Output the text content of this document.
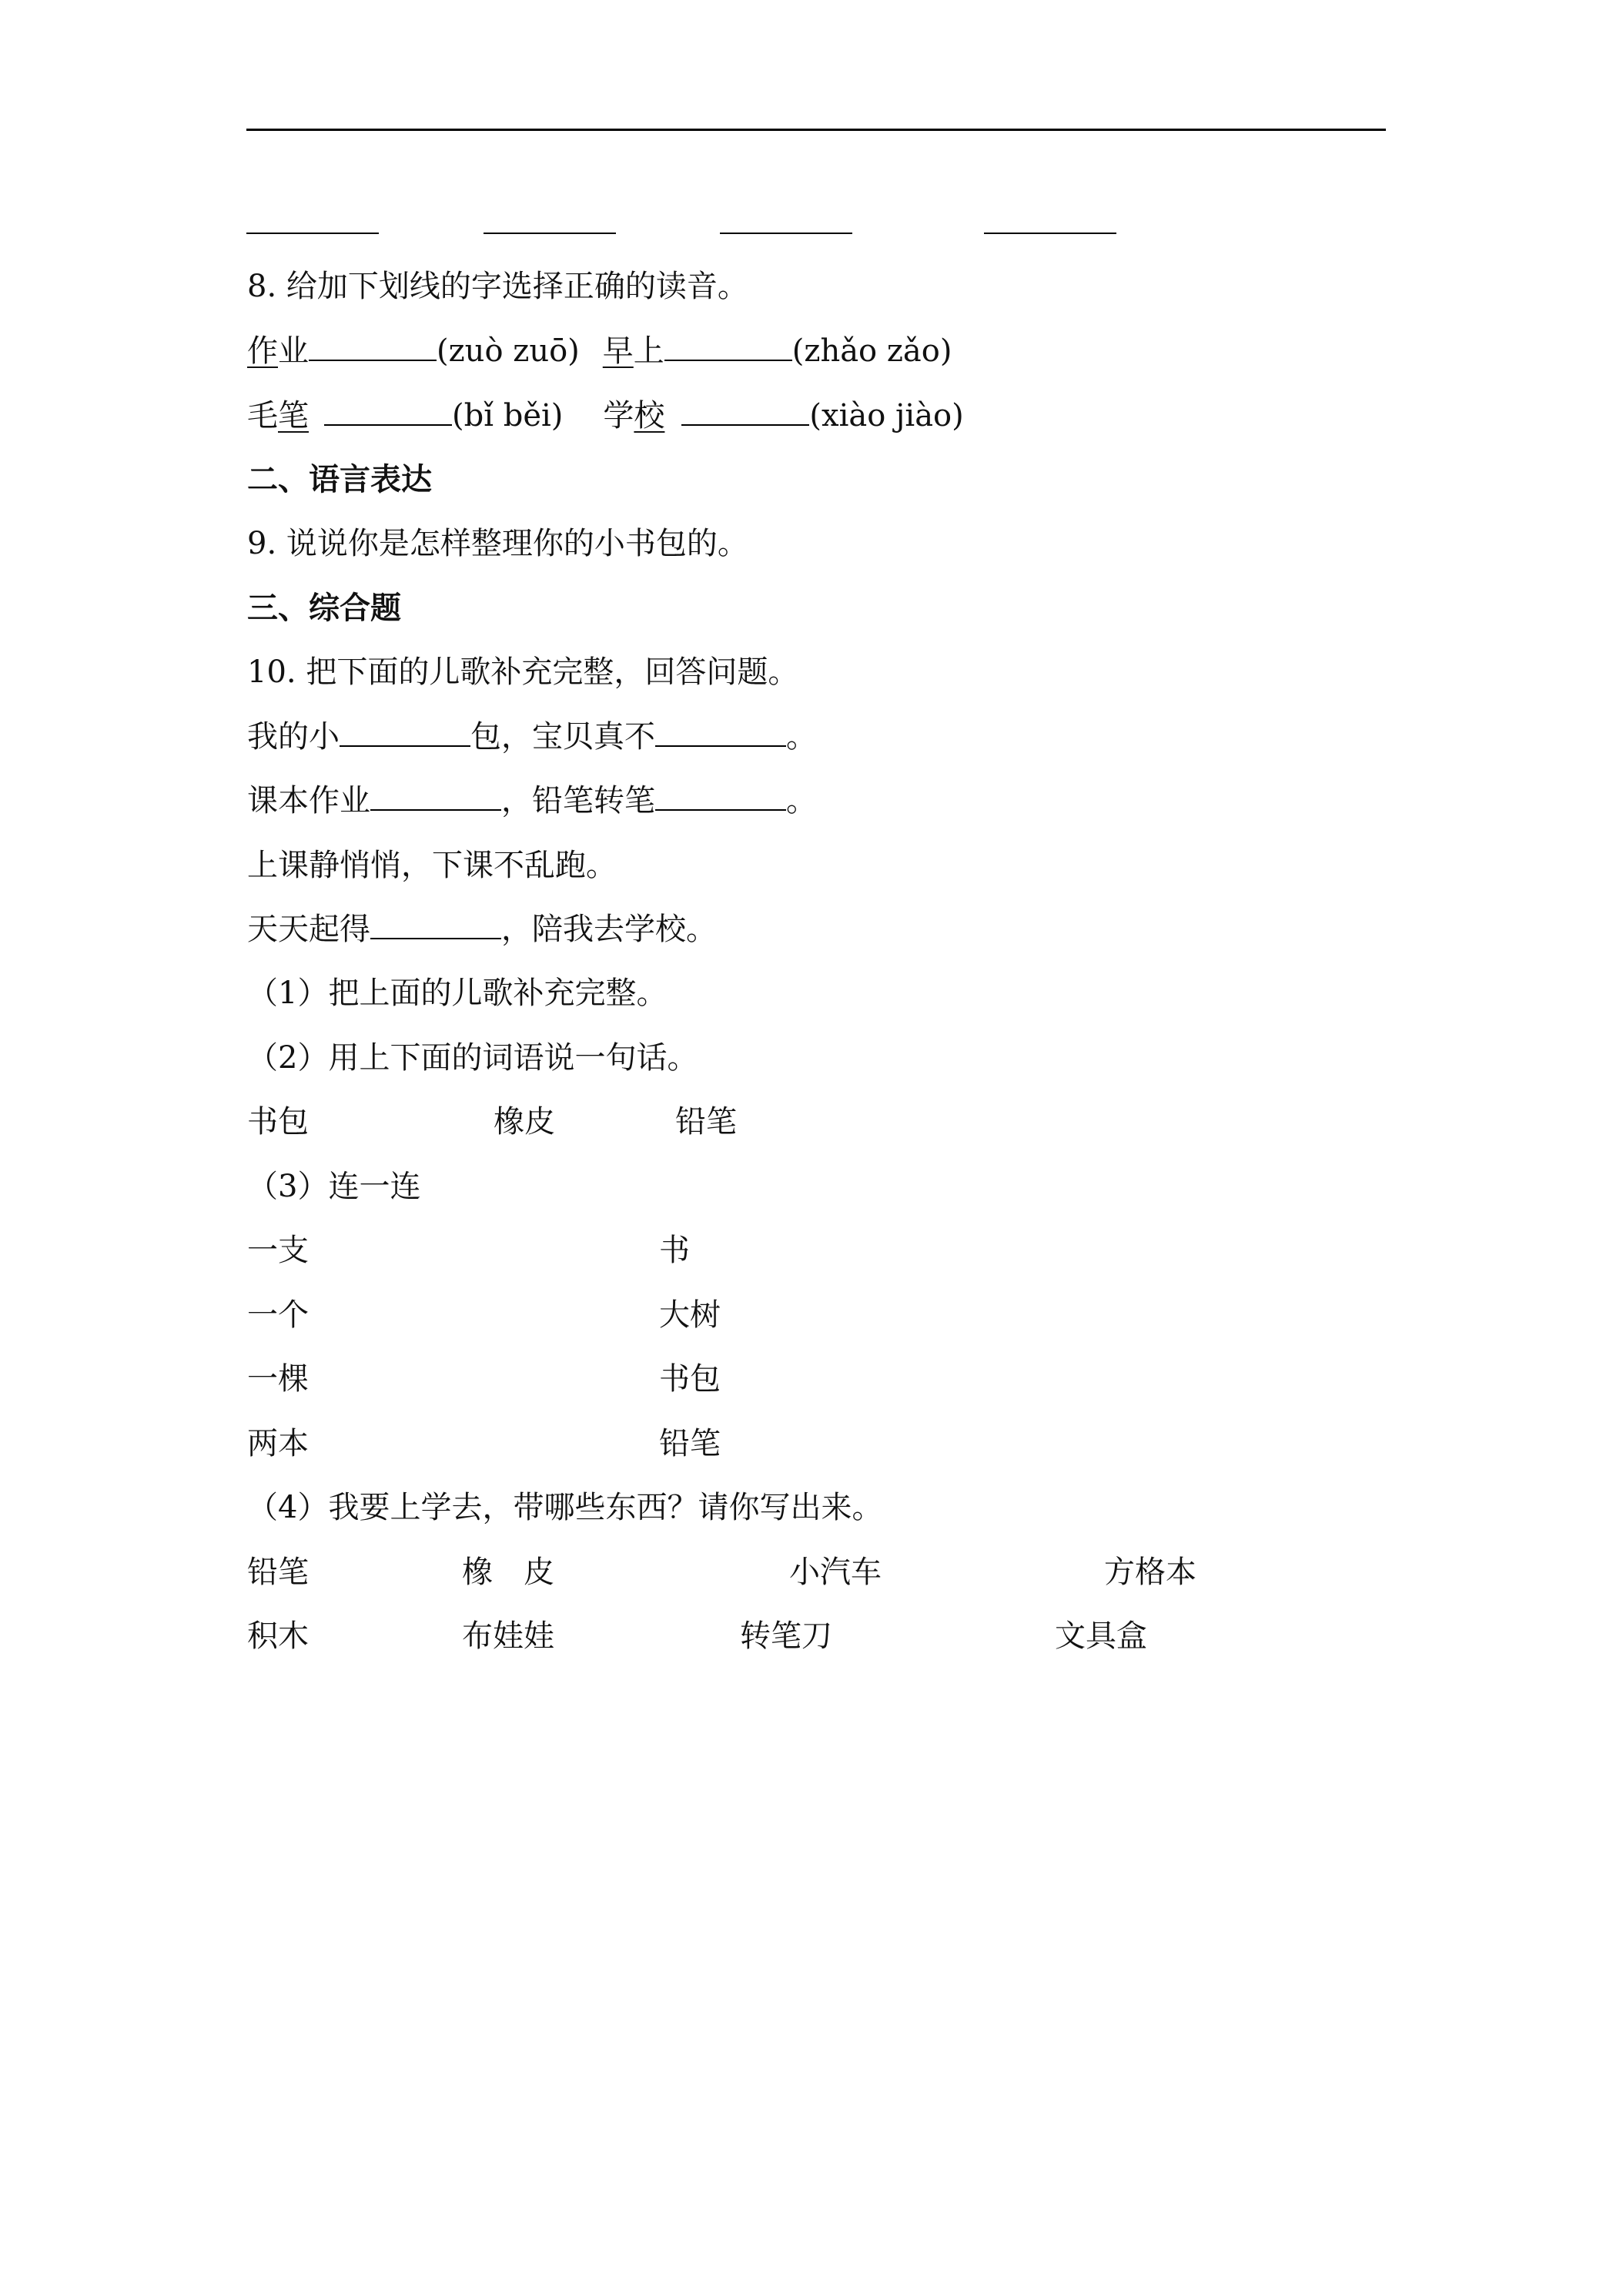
8. 给加下划线的字选择正确的读音。
作业	(zuò zuō) 早上	(zhǎo zǎo)
毛笔	(bǐ běi) 学校	(xiào jiào)
二、语言表达
9. 说说你是怎样整理你的小书包的。
三、综合题
10. 把下面的儿歌补充完整，回答问题。
我的小	包，宝贝真不	。
课本作业	，铅笔转笔	。
上课静悄悄，下课不乱跑。
天天起得	，陪我去学校。
（1）把上面的儿歌补充完整。
（2）用上下面的词语说一句话。
书包	橡皮	铅笔
（3）连一连
一支	书
一个	大树
一棵	书包
两本	铅笔
（4）我要上学去，带哪些东西？请你写出来。
铅笔	橡　皮	小汽车	方格本
积木	布娃娃	转笔刀	文具盒
